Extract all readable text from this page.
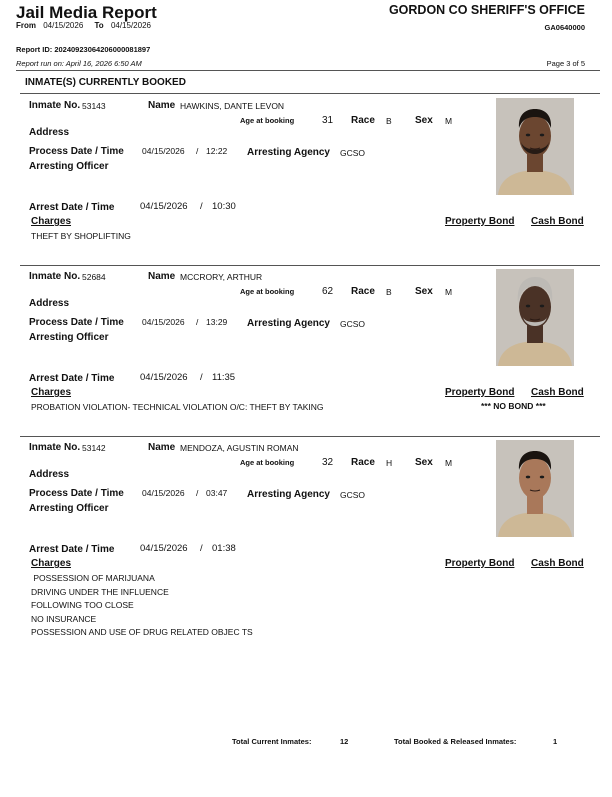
Jail Media Report	GORDON CO SHERIFF'S OFFICE
From 04/15/2026 To 04/15/2026	GA0640000
Report ID: 20240923064206000081897
Report run on: April 16, 2026 6:50 AM	Page 3 of 5
INMATE(S) CURRENTLY BOOKED
Inmate No. 53143	Name HAWKINS, DANTE LEVON
Age at booking	31 Race B Sex M
Address
Process Date / Time 04/15/2026 / 12:22 Arresting Agency GCSO
Arresting Officer
Arrest Date / Time	04/15/2026 / 10:30
Charges	Property Bond Cash Bond
THEFT BY SHOPLIFTING
Inmate No. 52684	Name MCCRORY, ARTHUR
Age at booking	62 Race B Sex M
Address
Process Date / Time 04/15/2026 / 13:29 Arresting Agency GCSO
Arresting Officer
Arrest Date / Time	04/15/2026 / 11:35
Charges	Property Bond Cash Bond
*** NO BOND ***
PROBATION VIOLATION- TECHNICAL VIOLATION O/C: THEFT BY TAKING
Inmate No. 53142	Name MENDOZA, AGUSTIN ROMAN
Age at booking	32 Race H Sex M
Address
Process Date / Time 04/15/2026 / 03:47 Arresting Agency GCSO
Arresting Officer
Arrest Date / Time	04/15/2026 / 01:38
Charges	Property Bond Cash Bond
POSSESSION OF MARIJUANA
DRIVING UNDER THE INFLUENCE
FOLLOWING TOO CLOSE
NO INSURANCE
POSSESSION AND USE OF DRUG RELATED OBJEC TS
Total Current Inmates:	12	Total Booked & Released Inmates:	1
